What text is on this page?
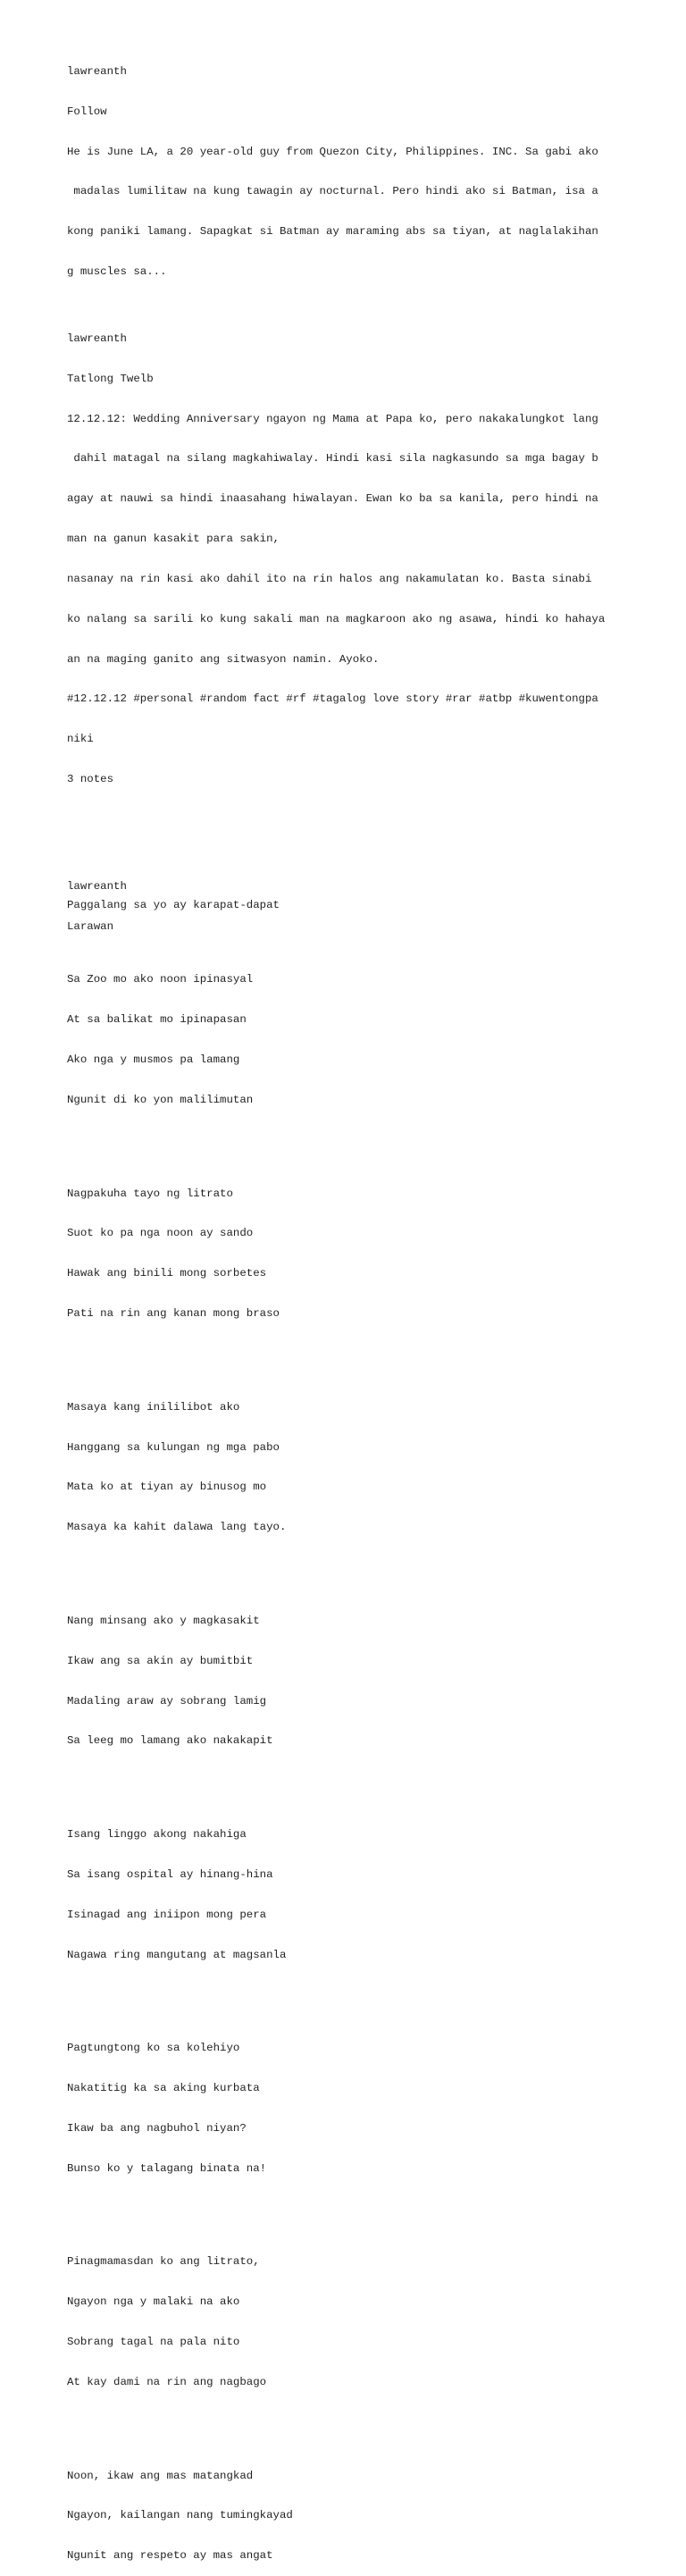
lawreanth

Follow

He is June LA, a 20 year-old guy from Quezon City, Philippines. INC. Sa gabi ako

madalas lumilitaw na kung tawagin ay nocturnal. Pero hindi ako si Batman, isa a

kong paniki lamang. Sapagkat si Batman ay maraming abs sa tiyan, at naglalakihan

g muscles sa...

lawreanth

Tatlong Twelb

12.12.12: Wedding Anniversary ngayon ng Mama at Papa ko, pero nakakalungkot lang

dahil matagal na silang magkahiwalay. Hindi kasi sila nagkasundo sa mga bagay b

agay at nauwi sa hindi inaasahang hiwalayan. Ewan ko ba sa kanila, pero hindi na

man na ganun kasakit para sakin,

nasanay na rin kasi ako dahil ito na rin halos ang nakamulatan ko. Basta sinabi

ko nalang sa sarili ko kung sakali man na magkaroon ako ng asawa, hindi ko hahaya

an na maging ganito ang sitwasyon namin. Ayoko.

#12.12.12 #personal #random fact #rf #tagalog love story #rar #atbp #kuwentongpa

niki

3 notes

lawreanth

Larawan

Sa Zoo mo ako noon ipinasyal

At sa balikat mo ipinapasan

Ako nga y musmos pa lamang

Ngunit di ko yon malilimutan

Nagpakuha tayo ng litrato

Suot ko pa nga noon ay sando

Hawak ang binili mong sorbetes

Pati na rin ang kanan mong braso

Masaya kang inililibot ako

Hanggang sa kulungan ng mga pabo

Mata ko at tiyan ay binusog mo

Masaya ka kahit dalawa lang tayo.

Nang minsang ako y magkasakit

Ikaw ang sa akin ay bumitbit

Madaling araw ay sobrang lamig

Sa leeg mo lamang ako nakakapit

Isang linggo akong nakahiga

Sa isang ospital ay hinang-hina

Isinagad ang iniipon mong pera

Nagawa ring mangutang at magsanla

Pagtungtong ko sa kolehiyo

Nakatitig ka sa aking kurbata

Ikaw ba ang nagbuhol niyan?

Bunso ko y talagang binata na!

Pinagmamasdan ko ang litrato,

Ngayon nga y malaki na ako

Sobrang tagal na pala nito

At kay dami na rin ang nagbago

Noon, ikaw ang mas matangkad

Ngayon, kailangan nang tumingkayad

Ngunit ang respeto ay mas angat

Paggalang sa yo ay karapat-dapat
